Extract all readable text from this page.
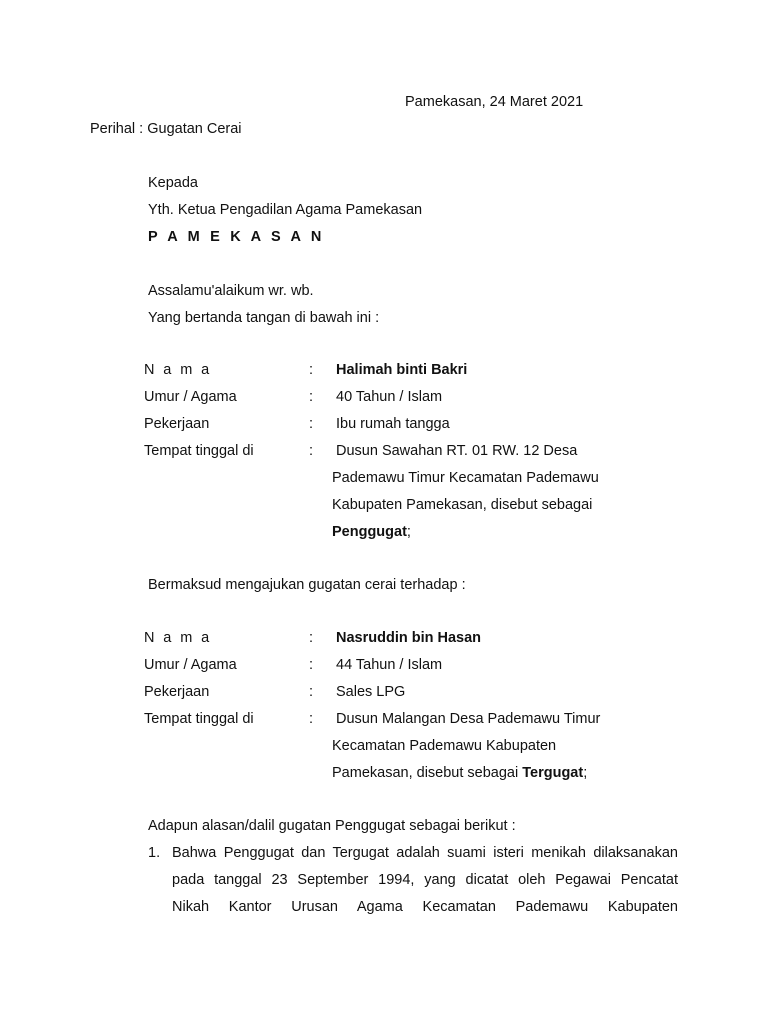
Pamekasan, 24 Maret 2021
Perihal : Gugatan Cerai
Kepada
Yth. Ketua Pengadilan Agama Pamekasan
P A M E K A S A N
Assalamu'alaikum wr. wb.
Yang bertanda tangan di bawah ini :
N a m a	: Halimah binti Bakri
Umur / Agama	: 40 Tahun / Islam
Pekerjaan	: Ibu rumah tangga
Tempat tinggal di	: Dusun Sawahan RT. 01 RW. 12 Desa
Pademawu Timur Kecamatan Pademawu
Kabupaten Pamekasan, disebut sebagai
Penggugat;
Bermaksud mengajukan gugatan cerai terhadap :
N a m a	: Nasruddin bin Hasan
Umur / Agama	: 44 Tahun / Islam
Pekerjaan	: Sales LPG
Tempat tinggal di	: Dusun Malangan Desa Pademawu Timur
Kecamatan Pademawu Kabupaten
Pamekasan, disebut sebagai Tergugat;
Adapun alasan/dalil gugatan Penggugat sebagai berikut :
1. Bahwa Penggugat dan Tergugat adalah suami isteri menikah dilaksanakan
pada tanggal 23 September 1994, yang dicatat oleh Pegawai Pencatat
Nikah Kantor Urusan Agama Kecamatan Pademawu Kabupaten
